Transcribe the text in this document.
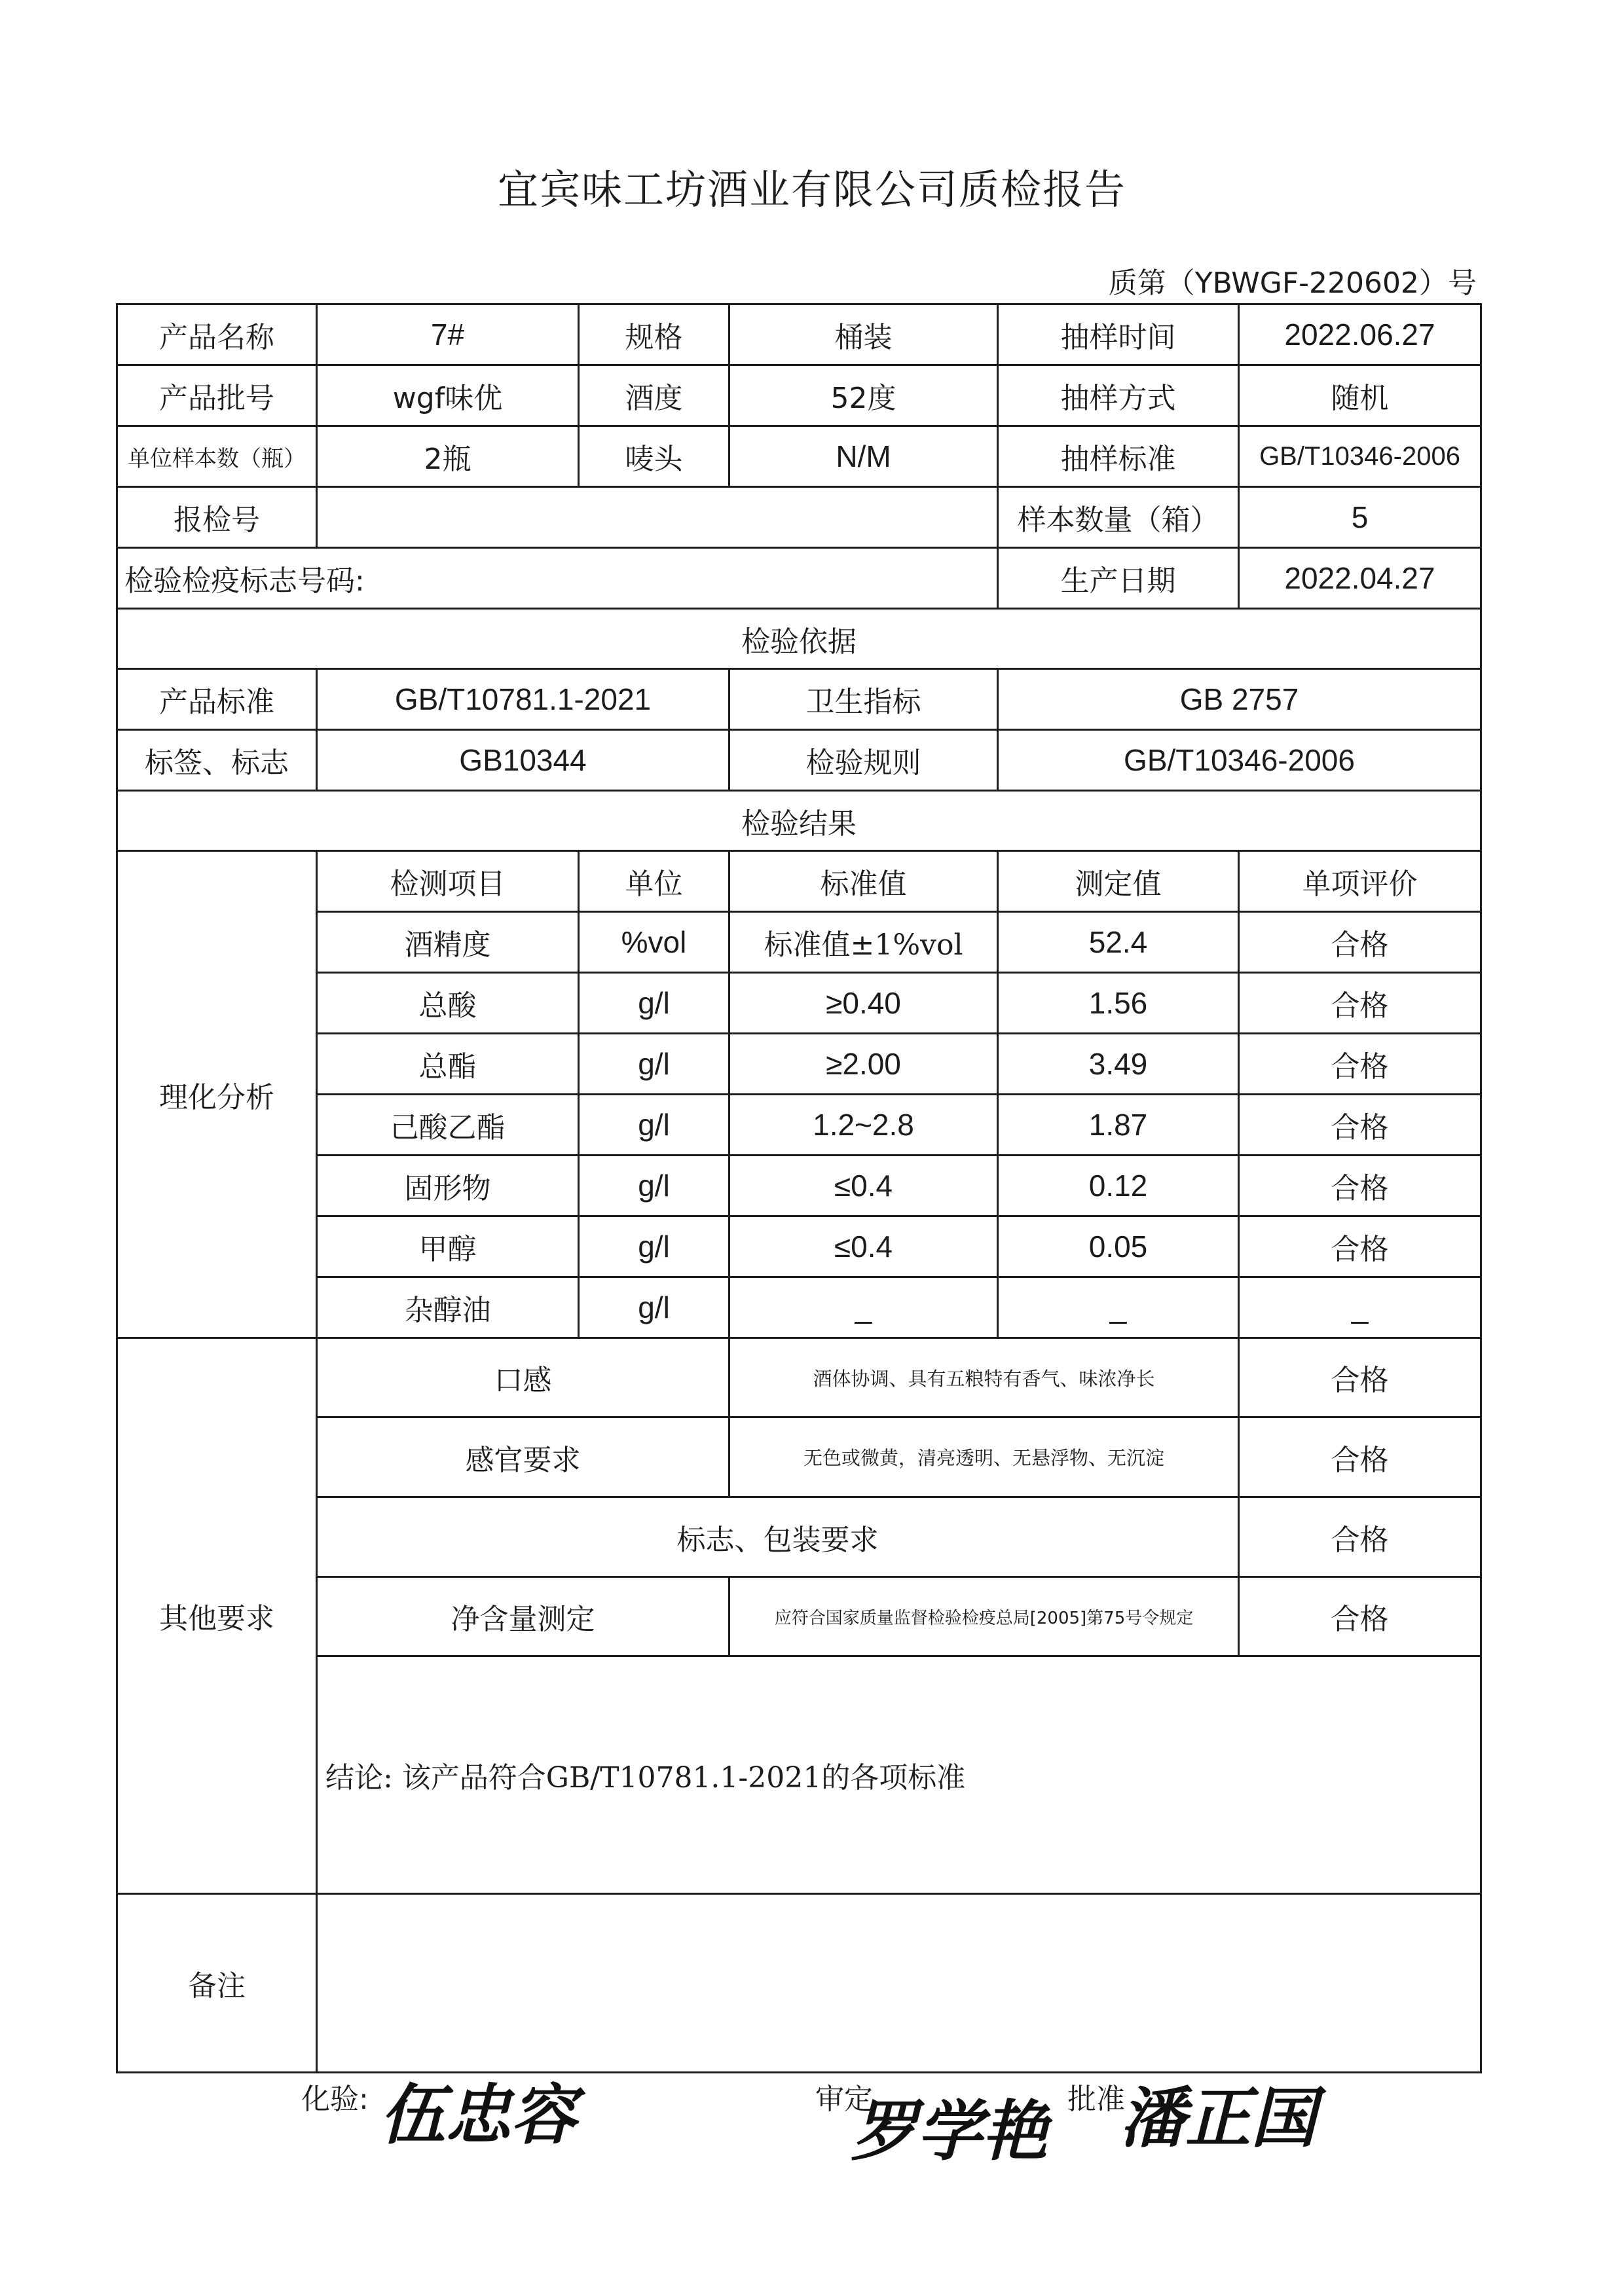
宜宾味工坊酒业有限公司质检报告
质第（YBWGF-220602）号
产品名称	7#	规格	桶装	抽样时间	2022.06.27
产品批号	wgf味优	酒度	52度	抽样方式	随机
单位样本数（瓶）	2瓶	唛头	N/M	抽样标准	GB/T10346-2006
报检号				样本数量（箱）	5
检验检疫标志号码:				生产日期	2022.04.27
检验依据					
产品标准	GB/T10781.1-2021		卫生指标	GB 2757	
标签、标志	GB10344		检验规则	GB/T10346-2006	
检验结果					
理化分析	检测项目	单位	标准值	测定值	单项评价
	酒精度	%vol	标准值±1%vol	52.4	合格
	总酸	g/l	≥0.40	1.56	合格
	总酯	g/l	≥2.00	3.49	合格
	己酸乙酯	g/l	1.2~2.8	1.87	合格
	固形物	g/l	≤0.4	0.12	合格
	甲醇	g/l	≤0.4	0.05	合格
	杂醇油	g/l	_	_	_
其他要求	口感		酒体协调、具有五粮特有香气、味浓净长		合格
	感官要求		无色或微黄，清亮透明、无悬浮物、无沉淀		合格
	标志、包装要求				合格
	净含量测定		应符合国家质量监督检验检疫总局[2005]第75号令规定		合格
	结论: 该产品符合GB/T10781.1-2021的各项标准				
备注					
化验: 伍忠容	审定
罗学艳 批准
潘正国
